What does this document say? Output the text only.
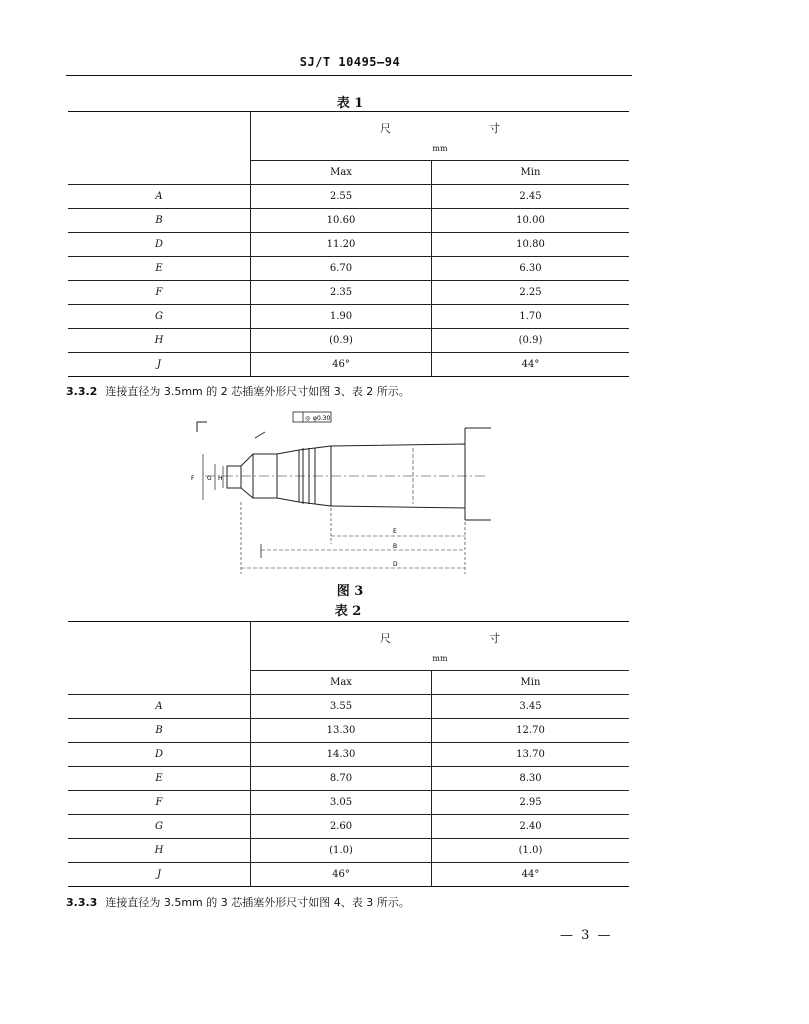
SJ/T 10495—94
表 1

	尺 寸
mm	

	Max	Min
A	2.55	2.45
B	10.60	10.00
D	11.20	10.80
E	6.70	6.30
F	2.35	2.25
G	1.90	1.70
H	(0.9)	(0.9)
J	46°	44°
3.3.2 连接直径为 3.5mm 的 2 芯插塞外形尺寸如图 3、表 2 所示。
◎ φ0.30
F G H
E
B
D
图 3
表 2

	尺 寸
mm	

	Max	Min
A	3.55	3.45
B	13.30	12.70
D	14.30	13.70
E	8.70	8.30
F	3.05	2.95
G	2.60	2.40
H	(1.0)	(1.0)
J	46°	44°
3.3.3 连接直径为 3.5mm 的 3 芯插塞外形尺寸如图 4、表 3 所示。
— 3 —
